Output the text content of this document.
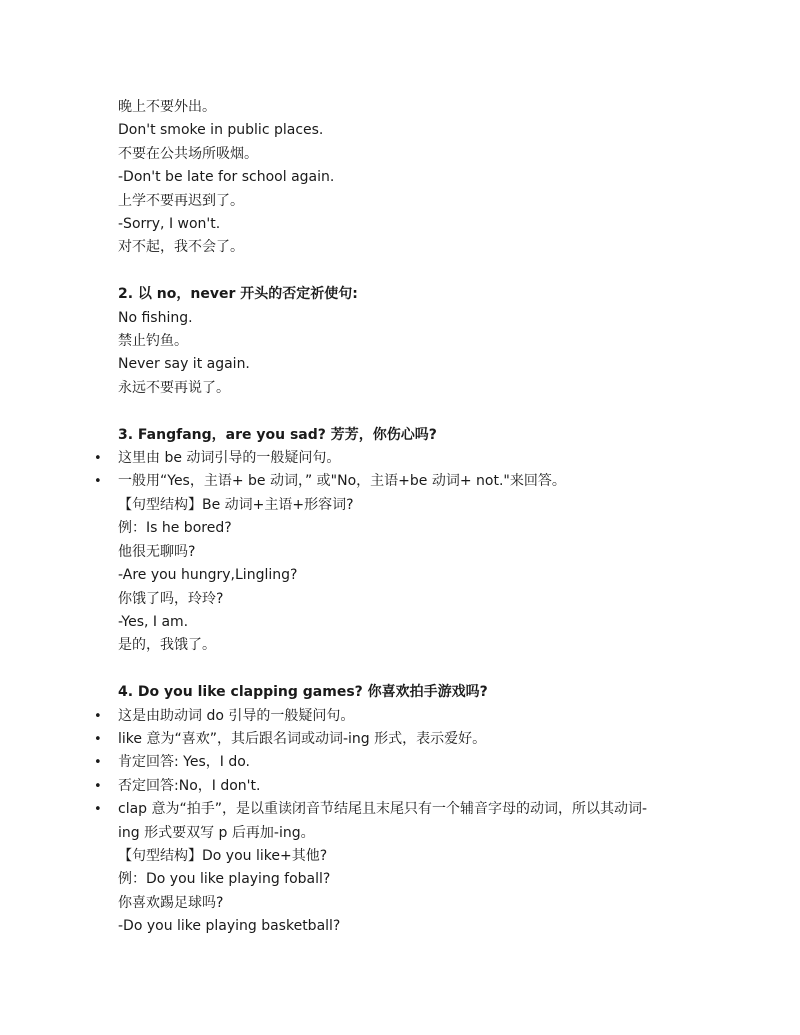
晚上不要外出。
Don't smoke in public places.
不要在公共场所吸烟。
-Don't be late for school again.
上学不要再迟到了。
-Sorry, I won't.
对不起，我不会了。
2. 以 no，never 开头的否定祈使句:
No fishing.
禁止钓鱼。
Never say it again.
永远不要再说了。
3. Fangfang，are you sad? 芳芳，你伤心吗?
• 这里由 be 动词引导的一般疑问句。
• 一般用“Yes，主语+ be 动词，” 或"No，主语+be 动词+ not."来回答。
【句型结构】Be 动词+主语+形容词?
例：Is he bored?
他很无聊吗?
-Are you hungry,Lingling?
你饿了吗，玲玲?
-Yes, I am.
是的，我饿了。
4. Do you like clapping games? 你喜欢拍手游戏吗?
• 这是由助动词 do 引导的一般疑问句。
• like 意为“喜欢”，其后跟名词或动词-ing 形式，表示爱好。
• 肯定回答: Yes，I do.
• 否定回答:No，I don't.
• clap 意为“拍手”，是以重读闭音节结尾且末尾只有一个辅音字母的动词，所以其动词-
ing 形式要双写 p 后再加-ing。
【句型结构】Do you like+其他?
例：Do you like playing foball?
你喜欢踢足球吗?
-Do you like playing basketball?
